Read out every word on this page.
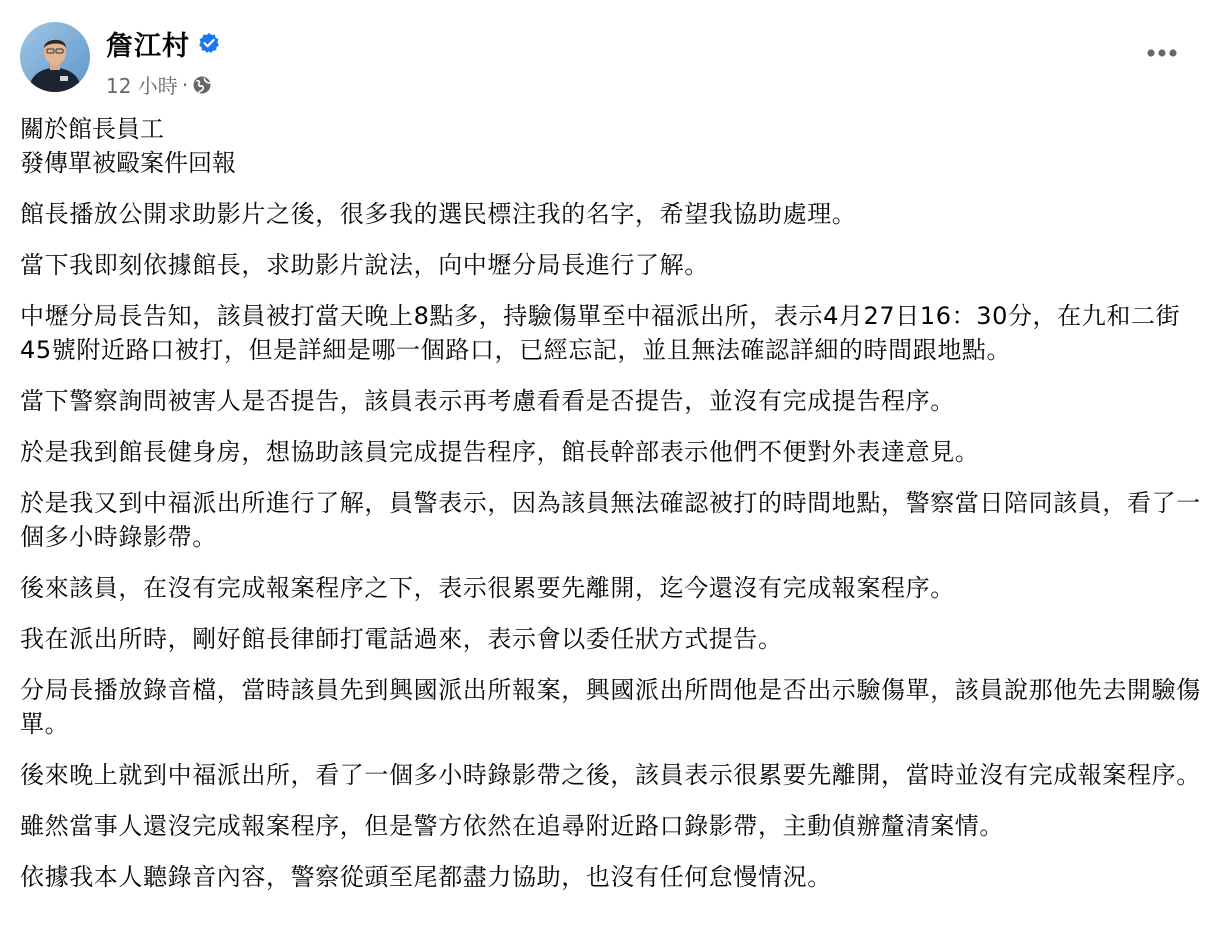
詹江村
12 小時 ·
關於館長員工
發傳單被毆案件回報
館長播放公開求助影片之後，很多我的選民標注我的名字，希望我協助處理。
當下我即刻依據館長，求助影片說法，向中壢分局長進行了解。
中壢分局長告知，該員被打當天晚上8點多，持驗傷單至中福派出所，表示4月27日16：30分，在九和二街45號附近路口被打，但是詳細是哪一個路口，已經忘記，並且無法確認詳細的時間跟地點。
當下警察詢問被害人是否提告，該員表示再考慮看看是否提告，並沒有完成提告程序。
於是我到館長健身房，想協助該員完成提告程序，館長幹部表示他們不便對外表達意見。
於是我又到中福派出所進行了解，員警表示，因為該員無法確認被打的時間地點，警察當日陪同該員，看了一個多小時錄影帶。
後來該員，在沒有完成報案程序之下，表示很累要先離開，迄今還沒有完成報案程序。
我在派出所時，剛好館長律師打電話過來，表示會以委任狀方式提告。
分局長播放錄音檔，當時該員先到興國派出所報案，興國派出所問他是否出示驗傷單，該員說那他先去開驗傷單。
後來晚上就到中福派出所，看了一個多小時錄影帶之後，該員表示很累要先離開，當時並沒有完成報案程序。
雖然當事人還沒完成報案程序，但是警方依然在追尋附近路口錄影帶，主動偵辦釐清案情。
依據我本人聽錄音內容，警察從頭至尾都盡力協助，也沒有任何怠慢情況。
